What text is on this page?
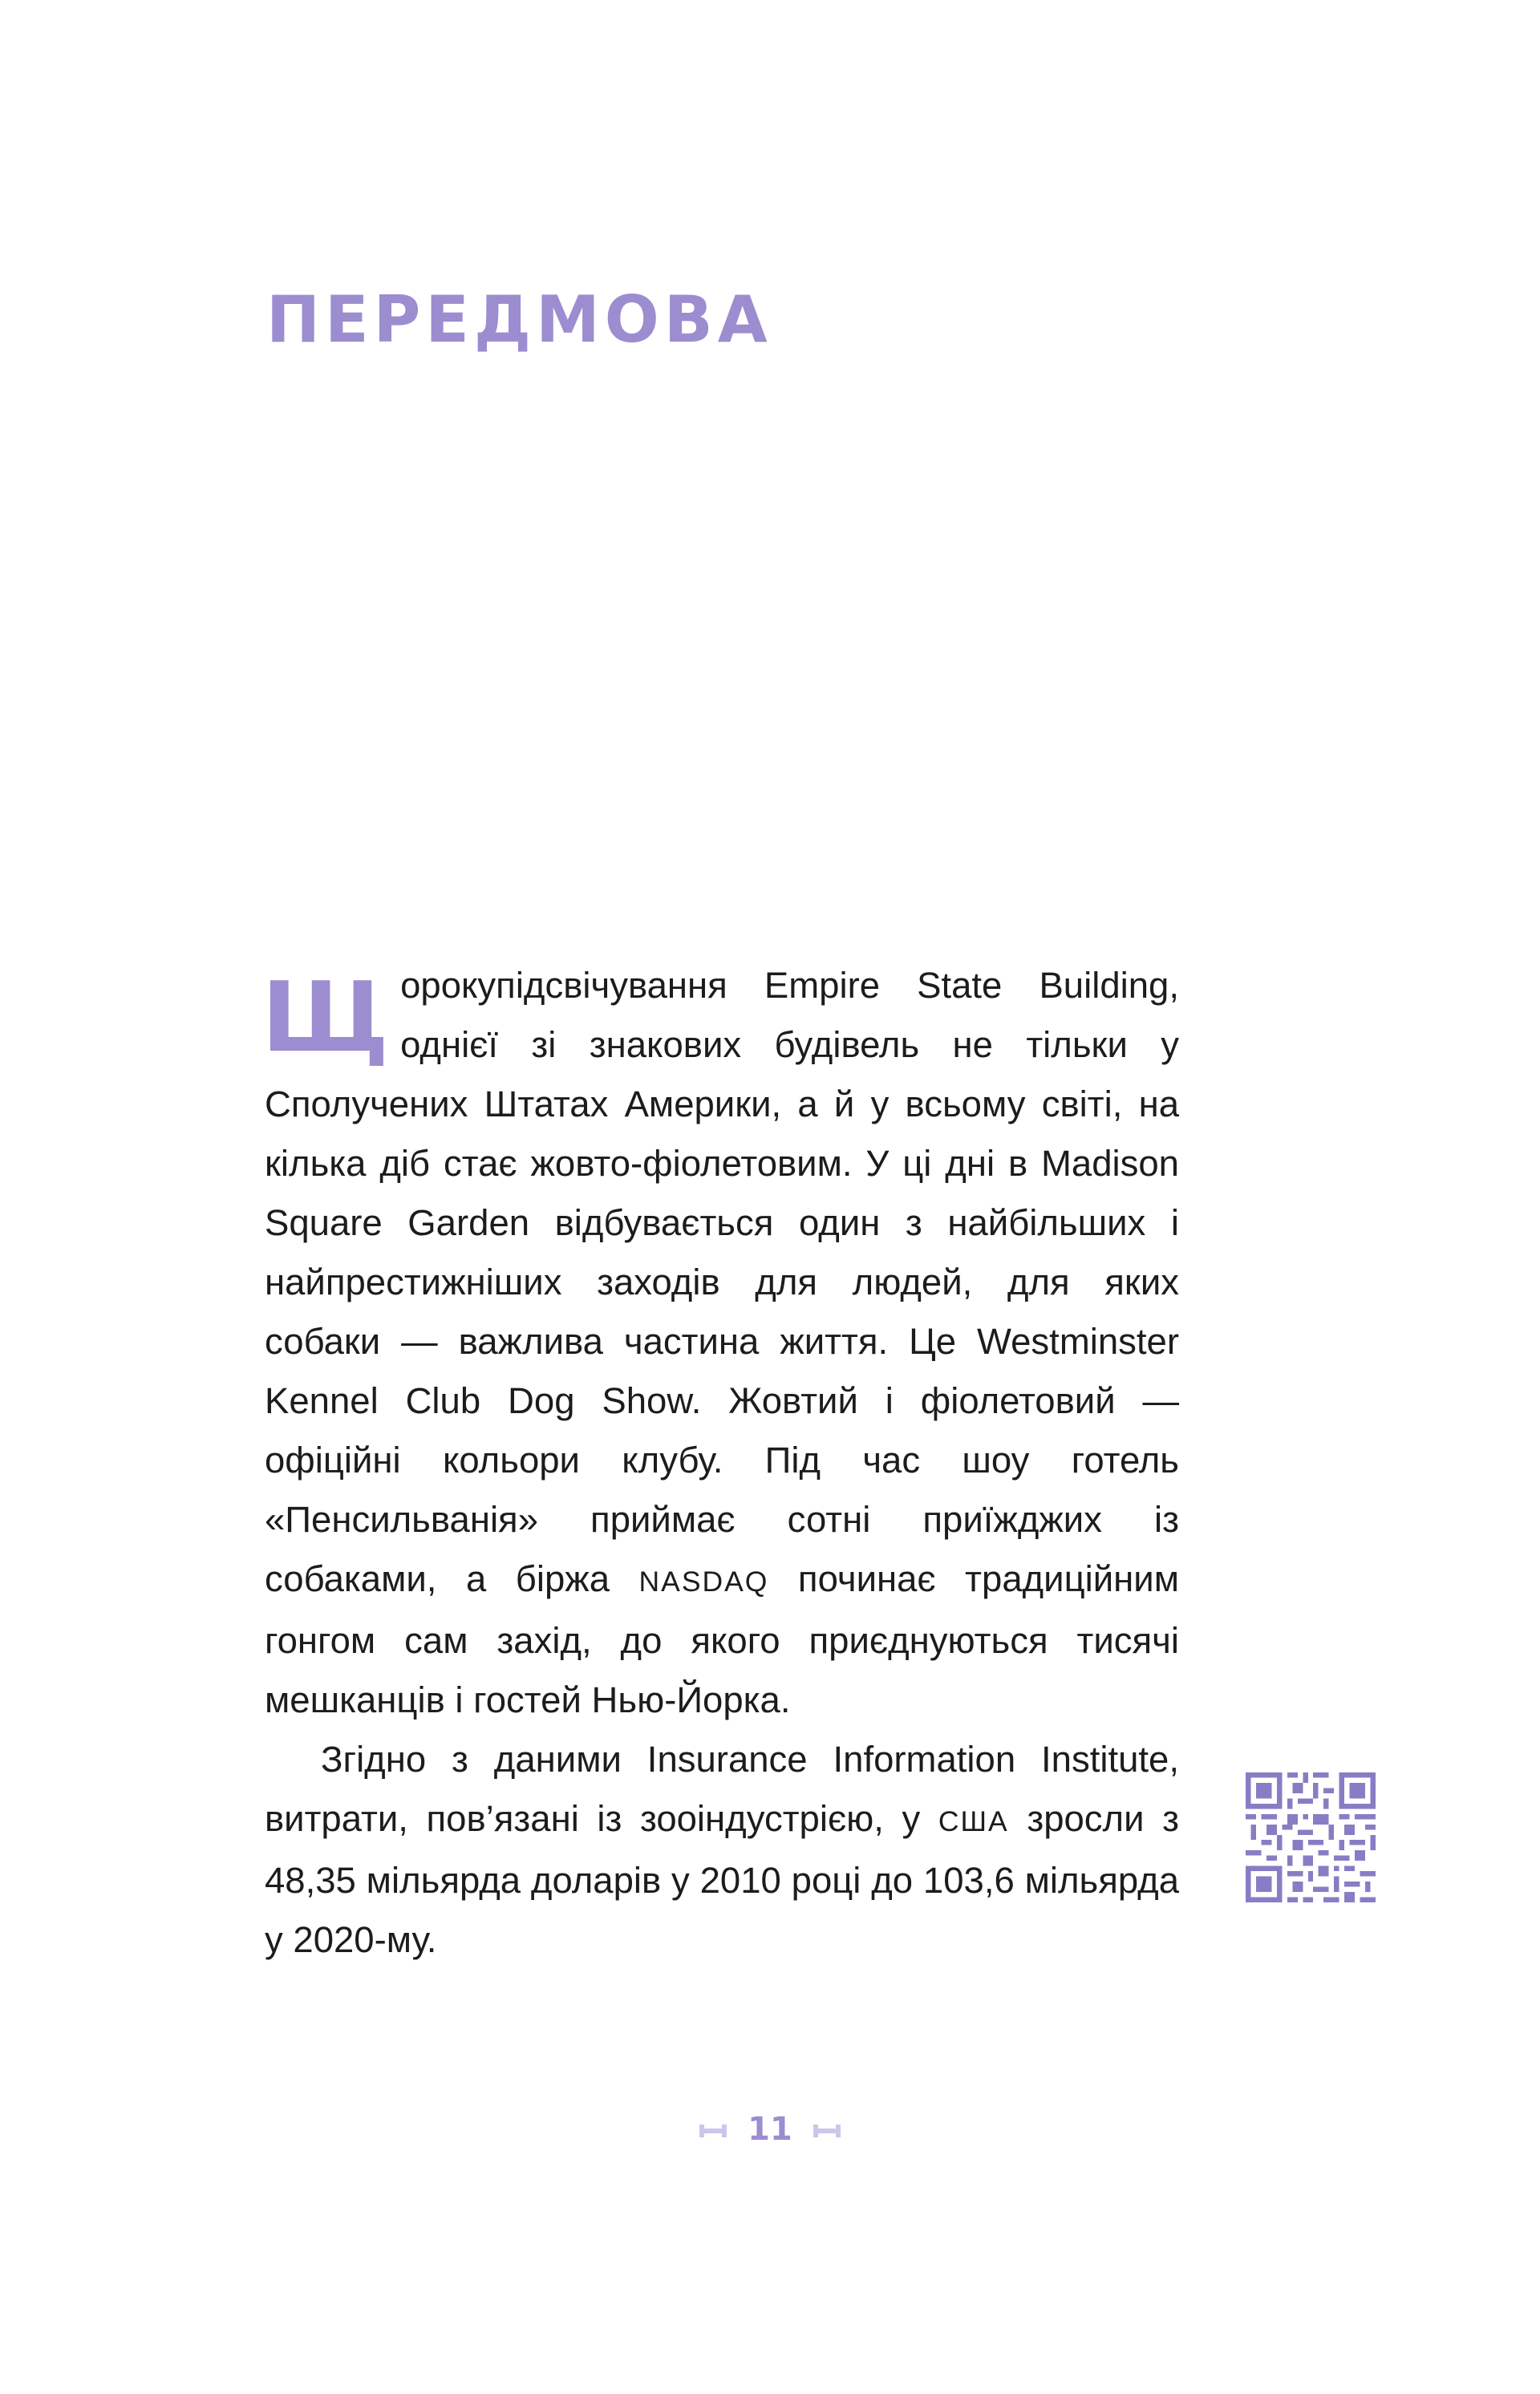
ПЕРЕДМОВА

Щорокупідсвічування Empire State Building, однієї зі знакових будівель не тільки у Сполучених Штатах Америки, а й у всьому світі, на кілька діб стає жовто-фіолетовим. У ці дні в Madison Square Garden відбувається один з найбільших і найпрестижніших заходів для людей, для яких собаки — важлива частина життя. Це Westminster Kennel Club Dog Show. Жовтий і фіолетовий — офіційні кольори клубу. Під час шоу готель «Пенсильванія» приймає сотні приїжджих із собаками, а біржа NASDAQ починає традиційним гонгом сам захід, до якого приєднуються тисячі мешканців і гостей Нью-Йорка.

Згідно з даними Insurance Information Institute, витрати, пов’язані із зооіндустрією, у США зросли з 48,35 мільярда доларів у 2010 році до 103,6 мільярда у 2020-му.

11
